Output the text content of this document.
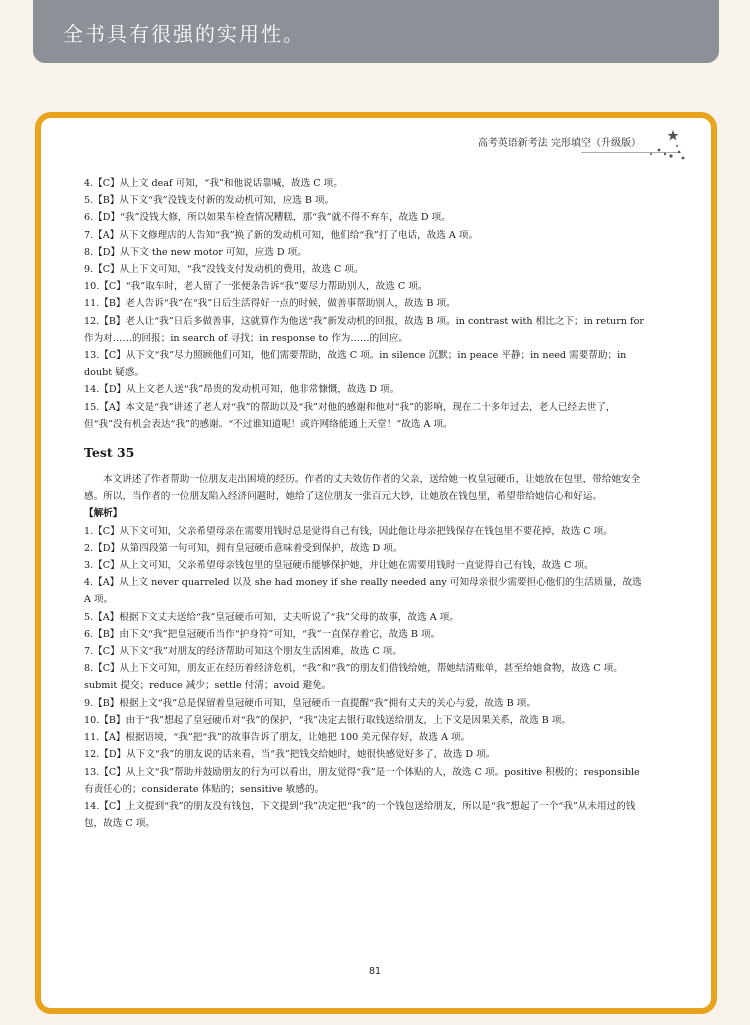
全书具有很强的实用性。
高考英语新考法 完形填空（升级版）

4.【C】从上文 deaf 可知，“我”和他说话靠喊，故选 C 项。

5.【B】从下文“我”没钱支付新的发动机可知，应选 B 项。

6.【D】“我”没钱大修，所以如果车检查情况糟糕，那“我”就不得不弃车，故选 D 项。

7.【A】从下文修理店的人告知“我”换了新的发动机可知，他们给“我”打了电话，故选 A 项。

8.【D】从下文 the new motor 可知，应选 D 项。

9.【C】从上下文可知，“我”没钱支付发动机的费用，故选 C 项。

10.【C】“我”取车时，老人留了一张便条告诉“我”要尽力帮助别人，故选 C 项。

11.【B】老人告诉“我”在“我”日后生活得好一点的时候，做善事帮助别人，故选 B 项。

12.【B】老人让“我”日后多做善事，这就算作为他送“我”新发动机的回报，故选 B 项。in contrast with 相比之下；in return for 作为对……的回报；in search of 寻找；in response to 作为……的回应。

13.【C】从下文“我”尽力照顾他们可知，他们需要帮助，故选 C 项。in silence 沉默；in peace 平静；in need 需要帮助；in doubt 疑惑。

14.【D】从上文老人送“我”昂贵的发动机可知，他非常慷慨，故选 D 项。

15.【A】本文是“我”讲述了老人对“我”的帮助以及“我”对他的感谢和他对“我”的影响，现在二十多年过去，老人已经去世了，但“我”没有机会表达“我”的感谢。“不过谁知道呢！或许网络能通上天堂！”故选 A 项。

Test 35

本文讲述了作者帮助一位朋友走出困境的经历。作者的丈夫效仿作者的父亲，送给她一枚皇冠硬币，让她放在包里，带给她安全感。所以，当作者的一位朋友陷入经济问题时，她给了这位朋友一张百元大钞，让她放在钱包里，希望带给她信心和好运。

【解析】

1.【C】从下文可知，父亲希望母亲在需要用钱时总是觉得自己有钱，因此他让母亲把钱保存在钱包里不要花掉，故选 C 项。

2.【D】从第四段第一句可知，拥有皇冠硬币意味着受到保护，故选 D 项。

3.【C】从上文可知，父亲希望母亲钱包里的皇冠硬币能够保护她，并让她在需要用钱时一直觉得自己有钱，故选 C 项。

4.【A】从上文 never quarreled 以及 she had money if she really needed any 可知母亲很少需要担心他们的生活质量，故选 A 项。

5.【A】根据下文丈夫送给“我”皇冠硬币可知，丈夫听说了“我”父母的故事，故选 A 项。

6.【B】由下文“我”把皇冠硬币当作“护身符”可知，“我”一直保存着它，故选 B 项。

7.【C】从下文“我”对朋友的经济帮助可知这个朋友生活困难，故选 C 项。

8.【C】从上下文可知，朋友正在经历着经济危机，“我”和“我”的朋友们借钱给她，帮她结清账单，甚至给她食物，故选 C 项。submit 提交；reduce 减少；settle 付清；avoid 避免。

9.【B】根据上文“我”总是保留着皇冠硬币可知，皇冠硬币一直提醒“我”拥有丈夫的关心与爱，故选 B 项。

10.【B】由于“我”想起了皇冠硬币对“我”的保护，“我”决定去银行取钱送给朋友，上下文是因果关系，故选 B 项。

11.【A】根据语境，“我”把“我”的故事告诉了朋友，让她把 100 美元保存好，故选 A 项。

12.【D】从下文“我”的朋友说的话来看，当“我”把钱交给她时，她很快感觉好多了，故选 D 项。

13.【C】从上文“我”帮助并鼓励朋友的行为可以看出，朋友觉得“我”是一个体贴的人，故选 C 项。positive 积极的；responsible 有责任心的；considerate 体贴的；sensitive 敏感的。

14.【C】上文提到“我”的朋友没有钱包，下文提到“我”决定把“我”的一个钱包送给朋友，所以是“我”想起了一个“我”从未用过的钱包，故选 C 项。

81
